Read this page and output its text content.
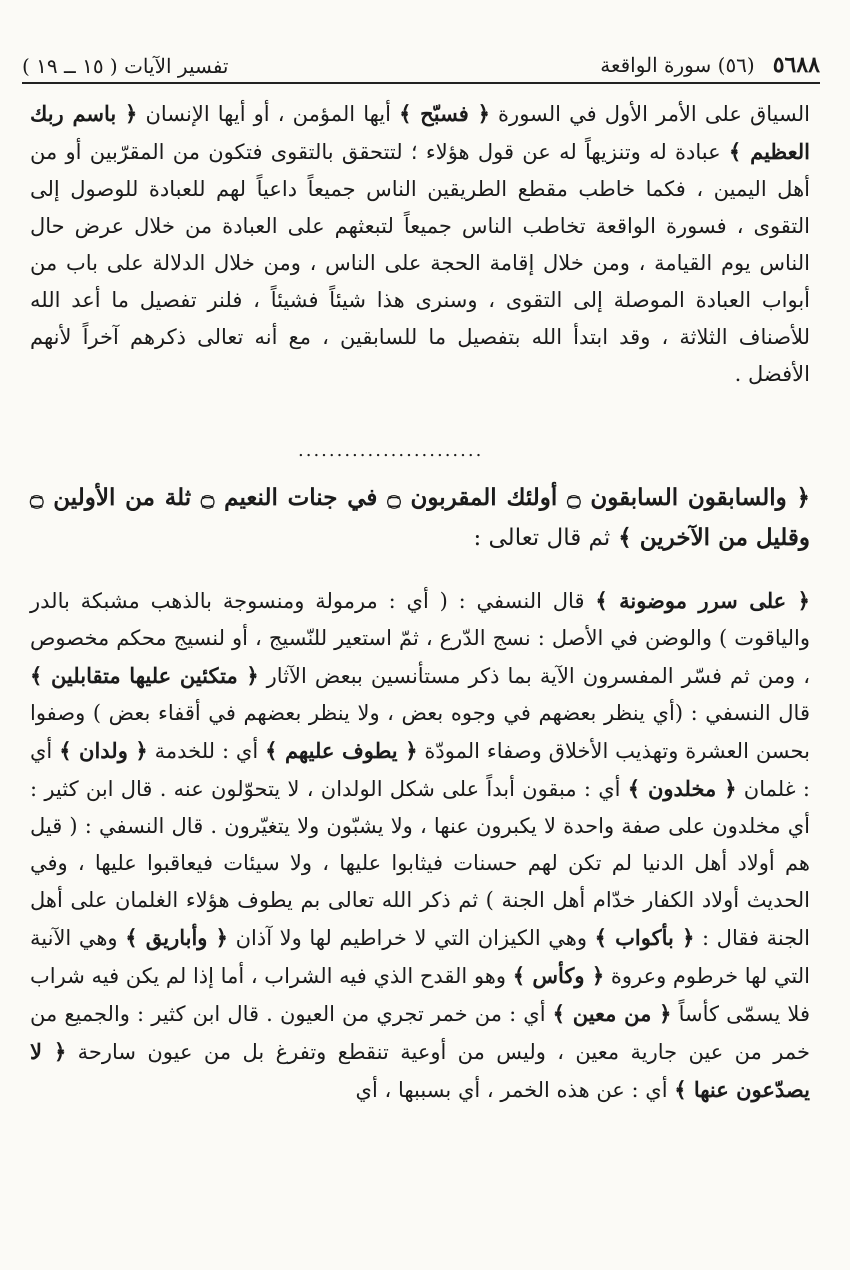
٥٦٨٨
(٥٦) سورة الواقعة
تفسير الآيات ( ١٥ ــ ١٩ )
السياق على الأمر الأول في السورة ﴿ فسبّح ﴾ أيها المؤمن ، أو أيها الإنسان ﴿ باسم ربك العظيم ﴾ عبادة له وتنزيهاً له عن قول هؤلاء ؛ لتتحقق بالتقوى فتكون من المقرّبين أو من أهل اليمين ، فكما خاطب مقطع الطريقين الناس جميعاً داعياً لهم للعبادة للوصول إلى التقوى ، فسورة الواقعة تخاطب الناس جميعاً لتبعثهم على العبادة من خلال عرض حال الناس يوم القيامة ، ومن خلال إقامة الحجة على الناس ، ومن خلال الدلالة على باب من أبواب العبادة الموصلة إلى التقوى ، وسنرى هذا شيئاً فشيئاً ، فلنر تفصيل ما أعد الله للأصناف الثلاثة ، وقد ابتدأ الله بتفصيل ما للسابقين ، مع أنه تعالى ذكرهم آخراً لأنهم الأفضل .
........................
﴿ والسابقون السابقون ۝ أولئك المقربون ۝ في جنات النعيم ۝ ثلة من الأولين ۝ وقليل من الآخرين ﴾ ثم قال تعالى :
﴿ على سرر موضونة ﴾ قال النسفي : ( أي : مرمولة ومنسوجة بالذهب مشبكة بالدر والياقوت ) والوضن في الأصل : نسج الدّرع ، ثمّ استعير للنّسيج ، أو لنسيج محكم مخصوص ، ومن ثم فسّر المفسرون الآية بما ذكر مستأنسين ببعض الآثار ﴿ متكئين عليها متقابلين ﴾ قال النسفي : (أي ينظر بعضهم في وجوه بعض ، ولا ينظر بعضهم في أقفاء بعض ) وصفوا بحسن العشرة وتهذيب الأخلاق وصفاء المودّة ﴿ يطوف عليهم ﴾ أي : للخدمة ﴿ ولدان ﴾ أي : غلمان ﴿ مخلدون ﴾ أي : مبقون أبداً على شكل الولدان ، لا يتحوّلون عنه . قال ابن كثير : أي مخلدون على صفة واحدة لا يكبرون عنها ، ولا يشبّون ولا يتغيّرون . قال النسفي : ( قيل هم أولاد أهل الدنيا لم تكن لهم حسنات فيثابوا عليها ، ولا سيئات فيعاقبوا عليها ، وفي الحديث أولاد الكفار خدّام أهل الجنة ) ثم ذكر الله تعالى بم يطوف هؤلاء الغلمان على أهل الجنة فقال : ﴿ بأكواب ﴾ وهي الكيزان التي لا خراطيم لها ولا آذان ﴿ وأباريق ﴾ وهي الآنية التي لها خرطوم وعروة ﴿ وكأس ﴾ وهو القدح الذي فيه الشراب ، أما إذا لم يكن فيه شراب فلا يسمّى كأساً ﴿ من معين ﴾ أي : من خمر تجري من العيون . قال ابن كثير : والجميع من خمر من عين جارية معين ، وليس من أوعية تنقطع وتفرغ بل من عيون سارحة ﴿ لا يصدّعون عنها ﴾ أي : عن هذه الخمر ، أي بسببها ، أي
